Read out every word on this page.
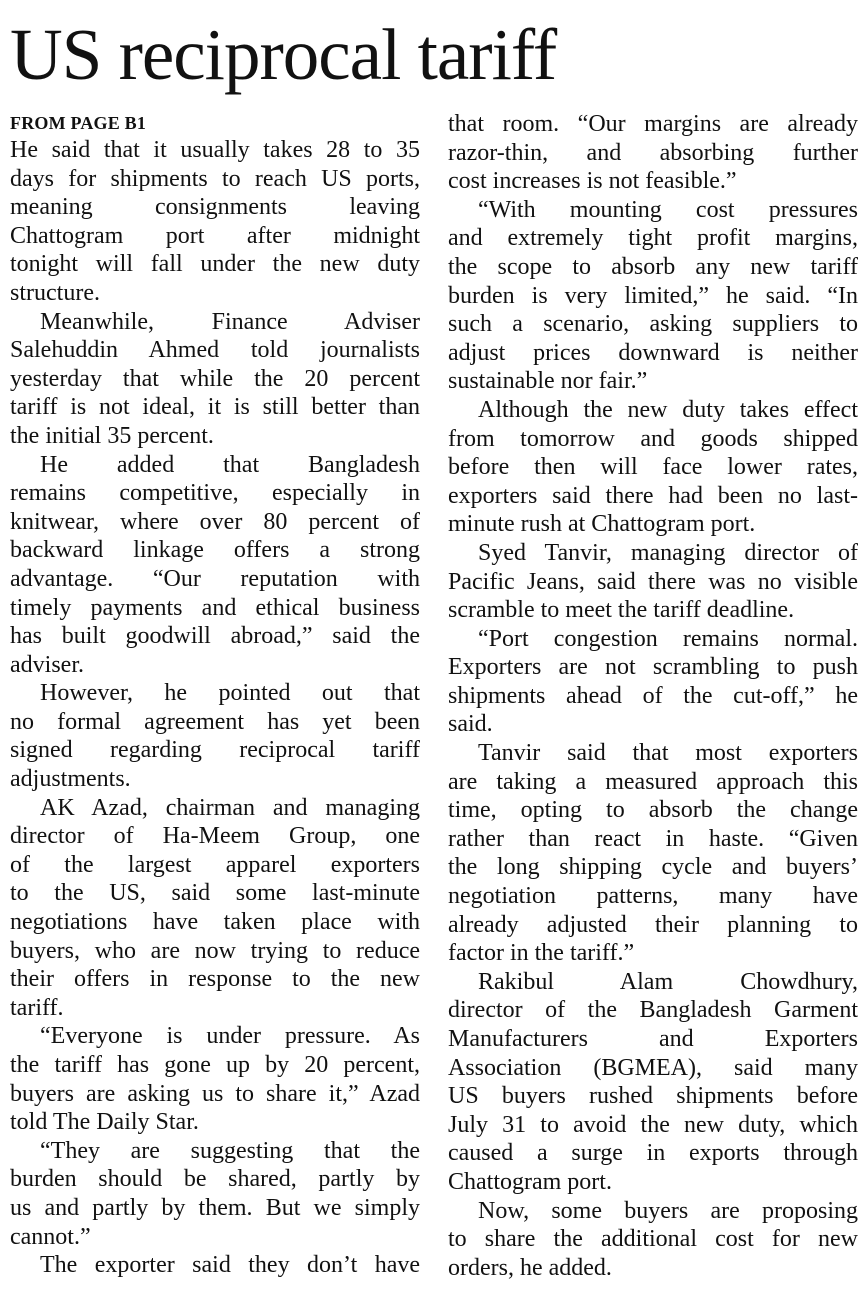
US reciprocal tariff

FROM PAGE B1

He said that it usually takes 28 to 35
days for shipments to reach US ports,
meaning consignments leaving
Chattogram port after midnight
tonight will fall under the new duty
structure.

Meanwhile, Finance Adviser
Salehuddin Ahmed told journalists
yesterday that while the 20 percent
tariff is not ideal, it is still better than
the initial 35 percent.

He added that Bangladesh
remains competitive, especially in
knitwear, where over 80 percent of
backward linkage offers a strong
advantage. “Our reputation with
timely payments and ethical business
has built goodwill abroad,” said the
adviser.

However, he pointed out that
no formal agreement has yet been
signed regarding reciprocal tariff
adjustments.

AK Azad, chairman and managing
director of Ha-Meem Group, one
of the largest apparel exporters
to the US, said some last-minute
negotiations have taken place with
buyers, who are now trying to reduce
their offers in response to the new
tariff.

“Everyone is under pressure. As
the tariff has gone up by 20 percent,
buyers are asking us to share it,” Azad
told The Daily Star.

“They are suggesting that the
burden should be shared, partly by
us and partly by them. But we simply
cannot.”

The exporter said they don’t have

that room. “Our margins are already
razor-thin, and absorbing further
cost increases is not feasible.”

“With mounting cost pressures
and extremely tight profit margins,
the scope to absorb any new tariff
burden is very limited,” he said. “In
such a scenario, asking suppliers to
adjust prices downward is neither
sustainable nor fair.”

Although the new duty takes effect
from tomorrow and goods shipped
before then will face lower rates,
exporters said there had been no last-
minute rush at Chattogram port.

Syed Tanvir, managing director of
Pacific Jeans, said there was no visible
scramble to meet the tariff deadline.

“Port congestion remains normal.
Exporters are not scrambling to push
shipments ahead of the cut-off,” he
said.

Tanvir said that most exporters
are taking a measured approach this
time, opting to absorb the change
rather than react in haste. “Given
the long shipping cycle and buyers’
negotiation patterns, many have
already adjusted their planning to
factor in the tariff.”

Rakibul Alam Chowdhury,
director of the Bangladesh Garment
Manufacturers and Exporters
Association (BGMEA), said many
US buyers rushed shipments before
July 31 to avoid the new duty, which
caused a surge in exports through
Chattogram port.

Now, some buyers are proposing
to share the additional cost for new
orders, he added.
